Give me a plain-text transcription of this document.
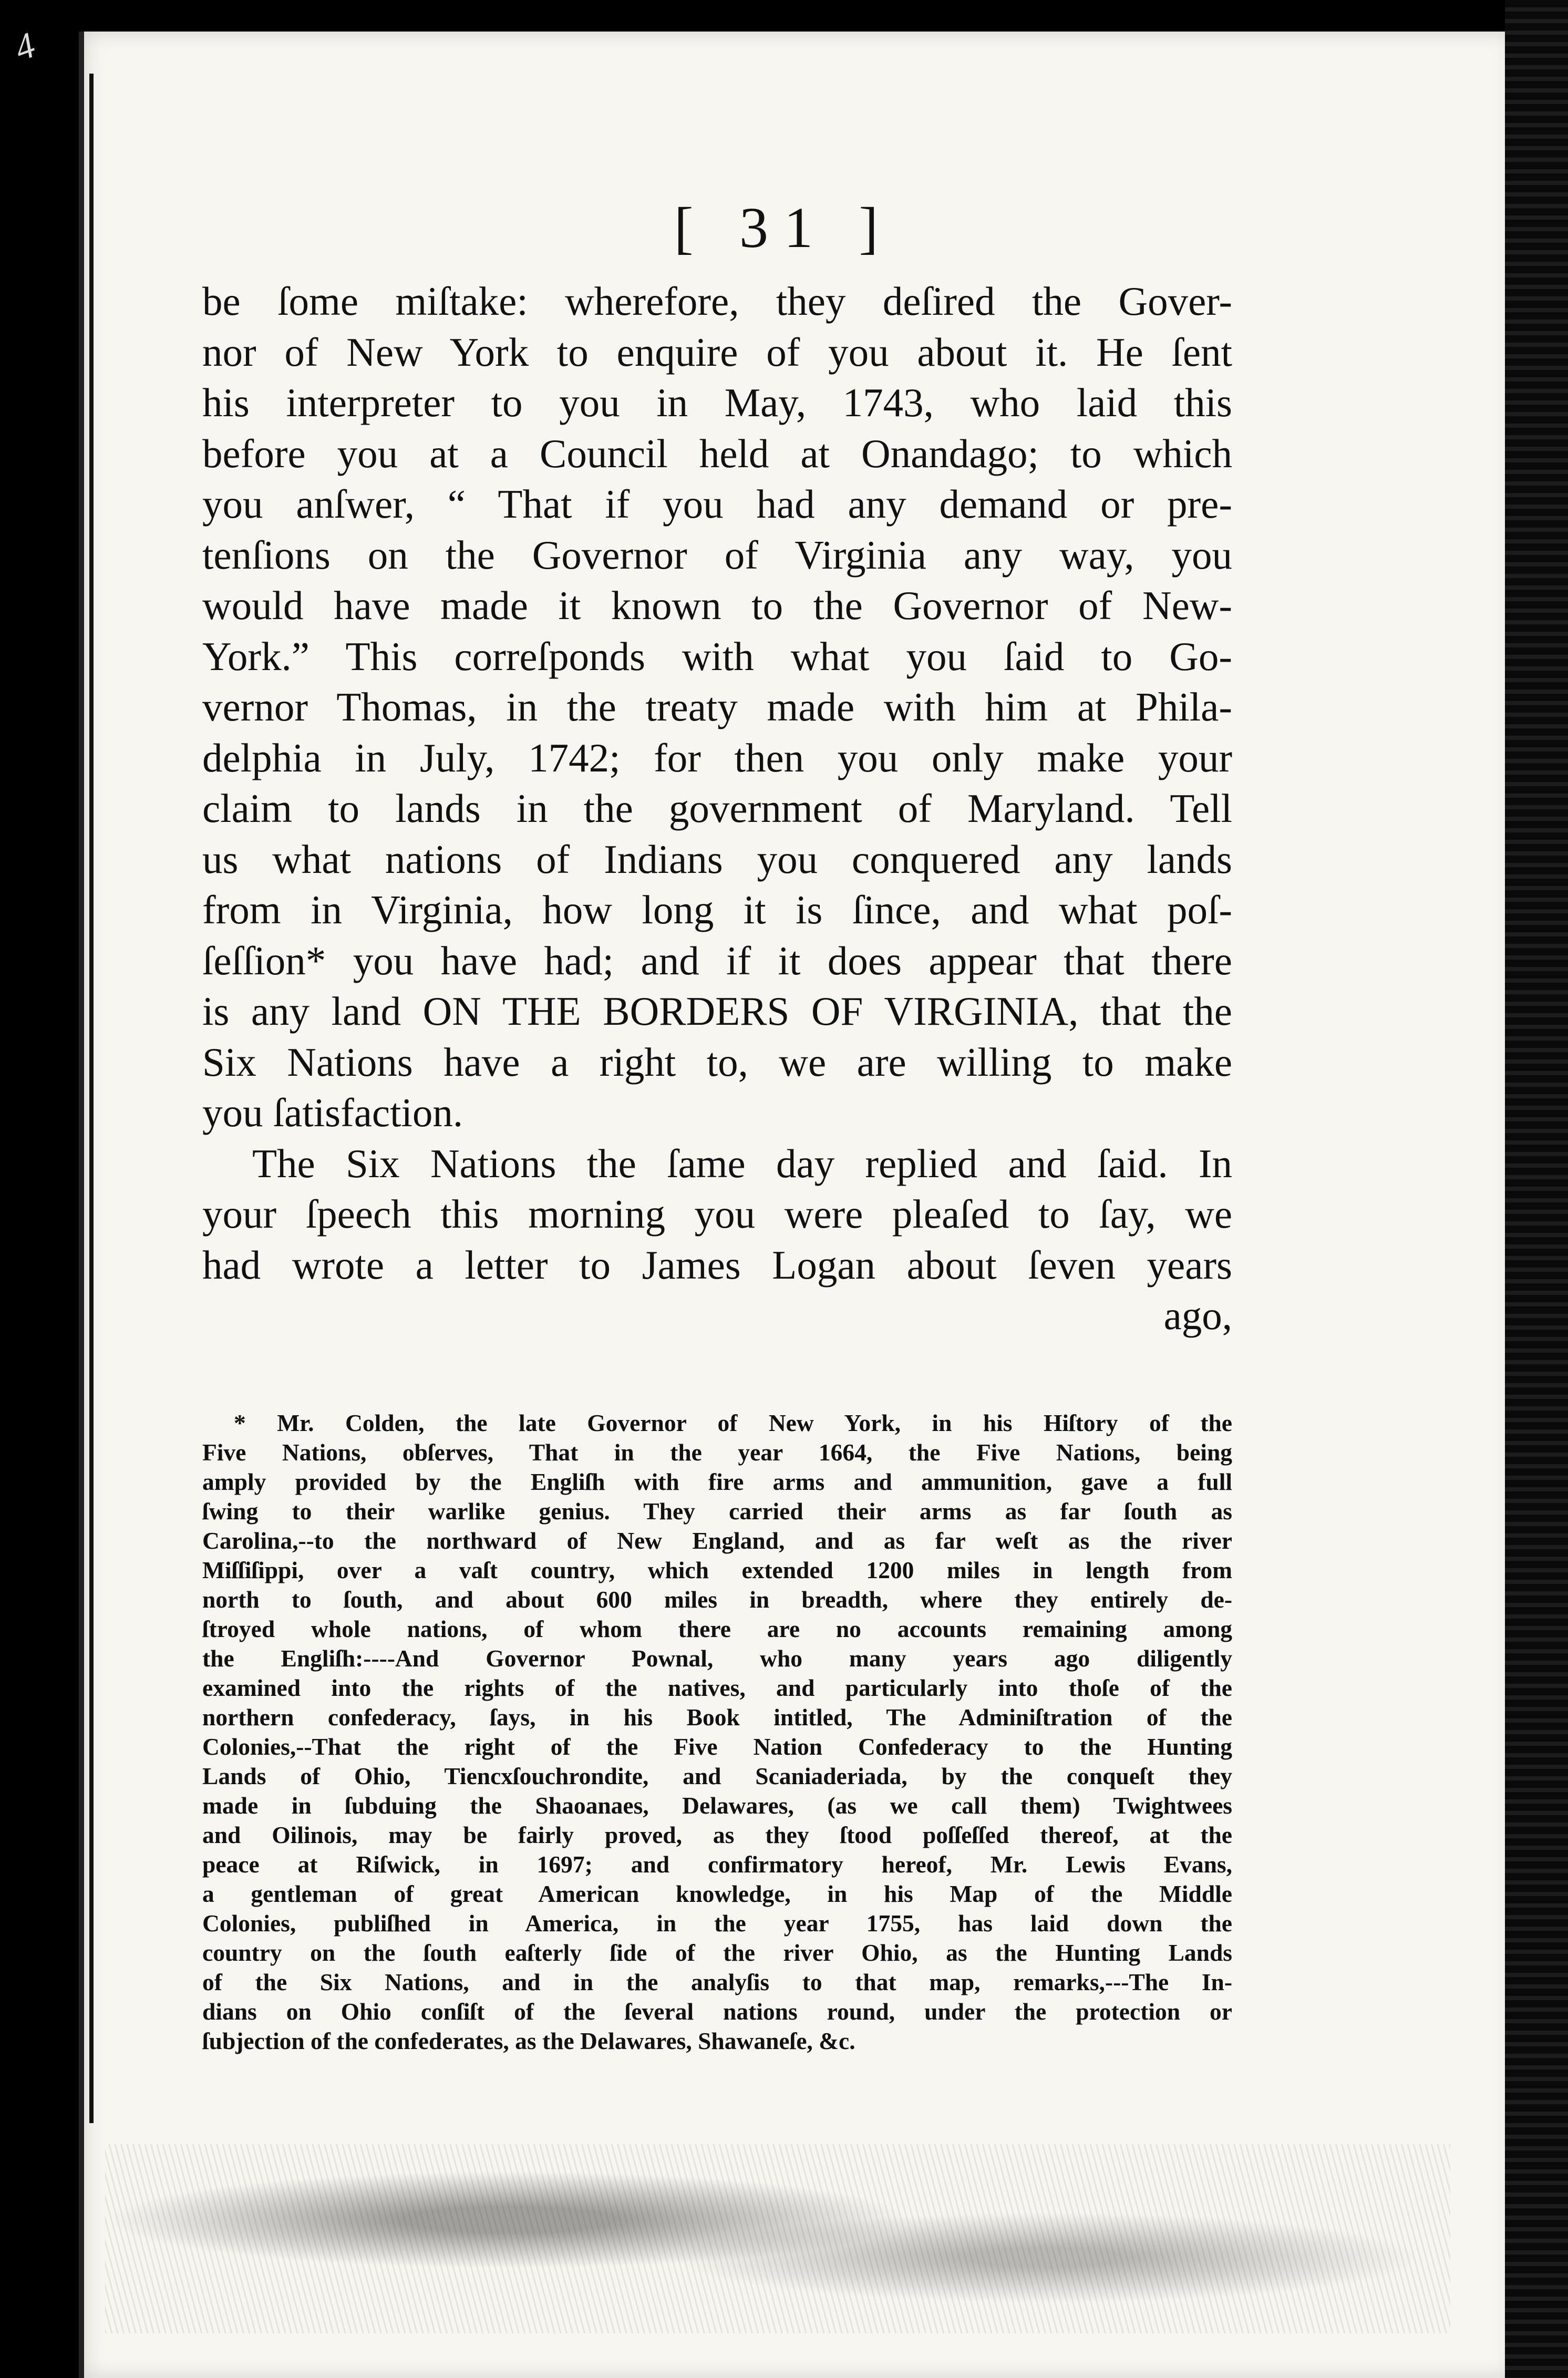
4
[ 31 ]
be ſome miſtake: wherefore, they deſired the Gover-
nor of New York to enquire of you about it. He ſent
his interpreter to you in May, 1743, who laid this
before you at a Council held at Onandago; to which
you anſwer, “ That if you had any demand or pre-
tenſions on the Governor of Virginia any way, you
would have made it known to the Governor of New-
York.” This correſponds with what you ſaid to Go-
vernor Thomas, in the treaty made with him at Phila-
delphia in July, 1742; for then you only make your
claim to lands in the government of Maryland. Tell
us what nations of Indians you conquered any lands
from in Virginia, how long it is ſince, and what poſ-
ſeſſion* you have had; and if it does appear that there
is any land ON THE BORDERS OF VIRGINIA, that the
Six Nations have a right to, we are willing to make
you ſatisfaction.
The Six Nations the ſame day replied and ſaid. In
your ſpeech this morning you were pleaſed to ſay, we
had wrote a letter to James Logan about ſeven years
ago,
* Mr. Colden, the late Governor of New York, in his Hiſtory of the
Five Nations, obſerves, That in the year 1664, the Five Nations, being
amply provided by the Engliſh with fire arms and ammunition, gave a full
ſwing to their warlike genius. They carried their arms as far ſouth as
Carolina,--to the northward of New England, and as far weſt as the river
Miſſiſippi, over a vaſt country, which extended 1200 miles in length from
north to ſouth, and about 600 miles in breadth, where they entirely de-
ſtroyed whole nations, of whom there are no accounts remaining among
the Engliſh:----And Governor Pownal, who many years ago diligently
examined into the rights of the natives, and particularly into thoſe of the
northern confederacy, ſays, in his Book intitled, The Adminiſtration of the
Colonies,--That the right of the Five Nation Confederacy to the Hunting
Lands of Ohio, Tiencxſouchrondite, and Scaniaderiada, by the conqueſt they
made in ſubduing the Shaoanaes, Delawares, (as we call them) Twightwees
and Oilinois, may be fairly proved, as they ſtood poſſeſſed thereof, at the
peace at Riſwick, in 1697; and confirmatory hereof, Mr. Lewis Evans,
a gentleman of great American knowledge, in his Map of the Middle
Colonies, publiſhed in America, in the year 1755, has laid down the
country on the ſouth eaſterly ſide of the river Ohio, as the Hunting Lands
of the Six Nations, and in the analyſis to that map, remarks,---The In-
dians on Ohio conſiſt of the ſeveral nations round, under the protection or
ſubjection of the confederates, as the Delawares, Shawaneſe, &c.
